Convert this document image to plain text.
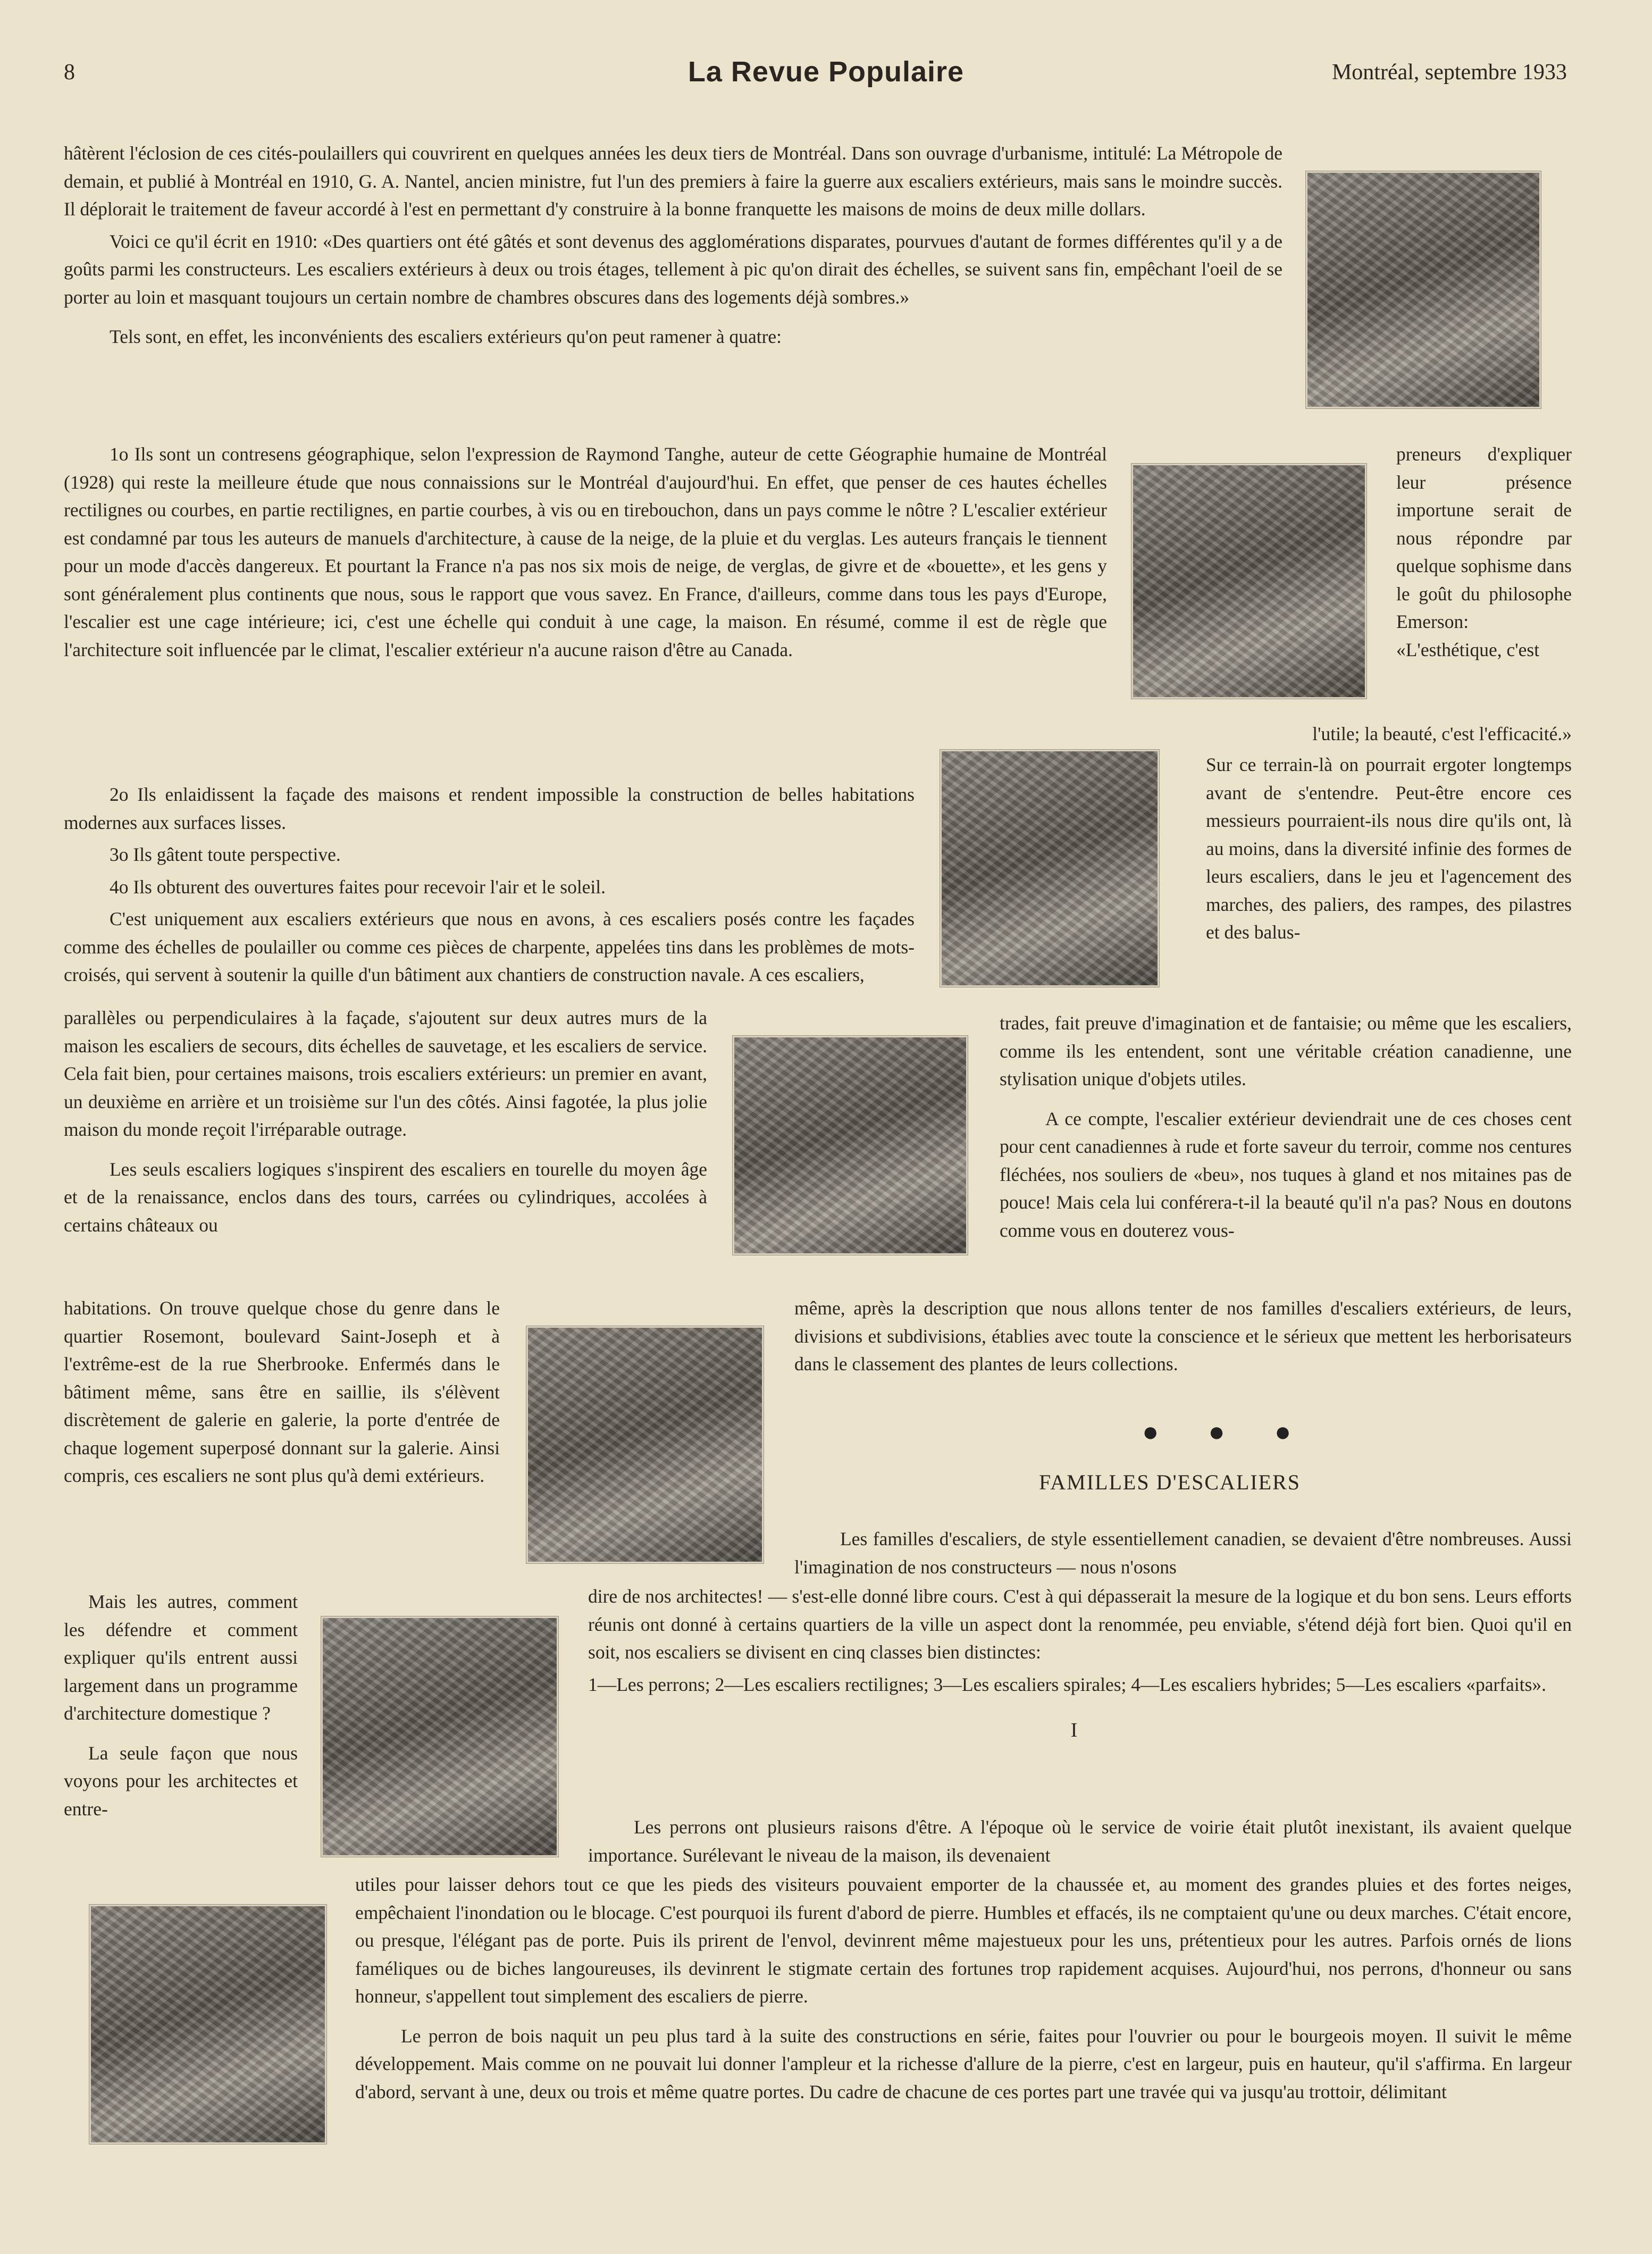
8	La Revue Populaire	Montréal, septembre 1933

hâtèrent l'éclosion de ces cités-poulaillers qui couvrirent en quelques années les deux tiers de Montréal. Dans son ouvrage d'urbanisme, intitulé: La Métropole de demain, et publié à Montréal en 1910, G. A. Nantel, ancien ministre, fut l'un des premiers à faire la guerre aux escaliers extérieurs, mais sans le moindre succès. Il déplorait le traitement de faveur accordé à l'est en permettant d'y construire à la bonne franquette les maisons de moins de deux mille dollars.

Voici ce qu'il écrit en 1910: «Des quartiers ont été gâtés et sont devenus des agglomérations disparates, pourvues d'autant de formes différentes qu'il y a de goûts parmi les constructeurs. Les escaliers extérieurs à deux ou trois étages, tellement à pic qu'on dirait des échelles, se suivent sans fin, empêchant l'oeil de se porter au loin et masquant toujours un certain nombre de chambres obscures dans des logements déjà sombres.»

Tels sont, en effet, les inconvénients des escaliers extérieurs qu'on peut ramener à quatre:

1o Ils sont un contresens géographique, selon l'expression de Raymond Tanghe, auteur de cette Géographie humaine de Montréal (1928) qui reste la meilleure étude que nous connaissions sur le Montréal d'aujourd'hui. En effet, que penser de ces hautes échelles rectilignes ou courbes, en partie rectilignes, en partie courbes, à vis ou en tirebouchon, dans un pays comme le nôtre ? L'escalier extérieur est condamné par tous les auteurs de manuels d'architecture, à cause de la neige, de la pluie et du verglas. Les auteurs français le tiennent pour un mode d'accès dangereux. Et pourtant la France n'a pas nos six mois de neige, de verglas, de givre et de «bouette», et les gens y sont généralement plus continents que nous, sous le rapport que vous savez. En France, d'ailleurs, comme dans tous les pays d'Europe, l'escalier est une cage intérieure; ici, c'est une échelle qui conduit à une cage, la maison. En résumé, comme il est de règle que l'architecture soit influencée par le climat, l'escalier extérieur n'a aucune raison d'être au Canada.

2o Ils enlaidissent la façade des maisons et rendent impossible la construction de belles habitations modernes aux surfaces lisses.

3o Ils gâtent toute perspective.

4o Ils obturent des ouvertures faites pour recevoir l'air et le soleil.

C'est uniquement aux escaliers extérieurs que nous en avons, à ces escaliers posés contre les façades comme des échelles de poulailler ou comme ces pièces de charpente, appelées tins dans les problèmes de mots-croisés, qui servent à soutenir la quille d'un bâtiment aux chantiers de construction navale. A ces escaliers,

parallèles ou perpendiculaires à la façade, s'ajoutent sur deux autres murs de la maison les escaliers de secours, dits échelles de sauvetage, et les escaliers de service. Cela fait bien, pour certaines maisons, trois escaliers extérieurs: un premier en avant, un deuxième en arrière et un troisième sur l'un des côtés. Ainsi fagotée, la plus jolie maison du monde reçoit l'irréparable outrage.

Les seuls escaliers logiques s'inspirent des escaliers en tourelle du moyen âge et de la renaissance, enclos dans des tours, carrées ou cylindriques, accolées à certains châteaux ou

habitations. On trouve quelque chose du genre dans le quartier Rosemont, boulevard Saint-Joseph et à l'extrême-est de la rue Sherbrooke. Enfermés dans le bâtiment même, sans être en saillie, ils s'élèvent discrètement de galerie en galerie, la porte d'entrée de chaque logement superposé donnant sur la galerie. Ainsi compris, ces escaliers ne sont plus qu'à demi extérieurs.

Mais les autres, comment les défendre et comment expliquer qu'ils entrent aussi largement dans un programme d'architecture domestique ?

La seule façon que nous voyons pour les architectes et entre-

preneurs d'expliquer leur présence importune serait de nous répondre par quelque sophisme dans le goût du philosophe Emerson: «L'esthétique, c'est

l'utile; la beauté, c'est l'efficacité.»

Sur ce terrain-là on pourrait ergoter longtemps avant de s'entendre. Peut-être encore ces messieurs pourraient-ils nous dire qu'ils ont, là au moins, dans la diversité infinie des formes de leurs escaliers, dans le jeu et l'agencement des marches, des paliers, des rampes, des pilastres et des balus-

trades, fait preuve d'imagination et de fantaisie; ou même que les escaliers, comme ils les entendent, sont une véritable création canadienne, une stylisation unique d'objets utiles.

A ce compte, l'escalier extérieur deviendrait une de ces choses cent pour cent canadiennes à rude et forte saveur du terroir, comme nos centures fléchées, nos souliers de «beu», nos tuques à gland et nos mitaines pas de pouce! Mais cela lui conférera-t-il la beauté qu'il n'a pas? Nous en doutons comme vous en douterez vous-

même, après la description que nous allons tenter de nos familles d'escaliers extérieurs, de leurs, divisions et subdivisions, établies avec toute la conscience et le sérieux que mettent les herborisateurs dans le classement des plantes de leurs collections.

● ● ●
FAMILLES D'ESCALIERS

Les familles d'escaliers, de style essentiellement canadien, se devaient d'être nombreuses. Aussi l'imagination de nos constructeurs — nous n'osons

dire de nos architectes! — s'est-elle donné libre cours. C'est à qui dépasserait la mesure de la logique et du bon sens. Leurs efforts réunis ont donné à certains quartiers de la ville un aspect dont la renommée, peu enviable, s'étend déjà fort bien. Quoi qu'il en soit, nos escaliers se divisent en cinq classes bien distinctes:

1—Les perrons; 2—Les escaliers rectilignes; 3—Les escaliers spirales; 4—Les escaliers hybrides; 5—Les escaliers «parfaits».

I

Les perrons ont plusieurs raisons d'être. A l'époque où le service de voirie était plutôt inexistant, ils avaient quelque importance. Surélevant le niveau de la maison, ils devenaient

utiles pour laisser dehors tout ce que les pieds des visiteurs pouvaient emporter de la chaussée et, au moment des grandes pluies et des fortes neiges, empêchaient l'inondation ou le blocage. C'est pourquoi ils furent d'abord de pierre. Humbles et effacés, ils ne comptaient qu'une ou deux marches. C'était encore, ou presque, l'élégant pas de porte. Puis ils prirent de l'envol, devinrent même majestueux pour les uns, prétentieux pour les autres. Parfois ornés de lions faméliques ou de biches langoureuses, ils devinrent le stigmate certain des fortunes trop rapidement acquises. Aujourd'hui, nos perrons, d'honneur ou sans honneur, s'appellent tout simplement des escaliers de pierre.

Le perron de bois naquit un peu plus tard à la suite des constructions en série, faites pour l'ouvrier ou pour le bourgeois moyen. Il suivit le même développement. Mais comme on ne pouvait lui donner l'ampleur et la richesse d'allure de la pierre, c'est en largeur, puis en hauteur, qu'il s'affirma. En largeur d'abord, servant à une, deux ou trois et même quatre portes. Du cadre de chacune de ces portes part une travée qui va jusqu'au trottoir, délimitant
